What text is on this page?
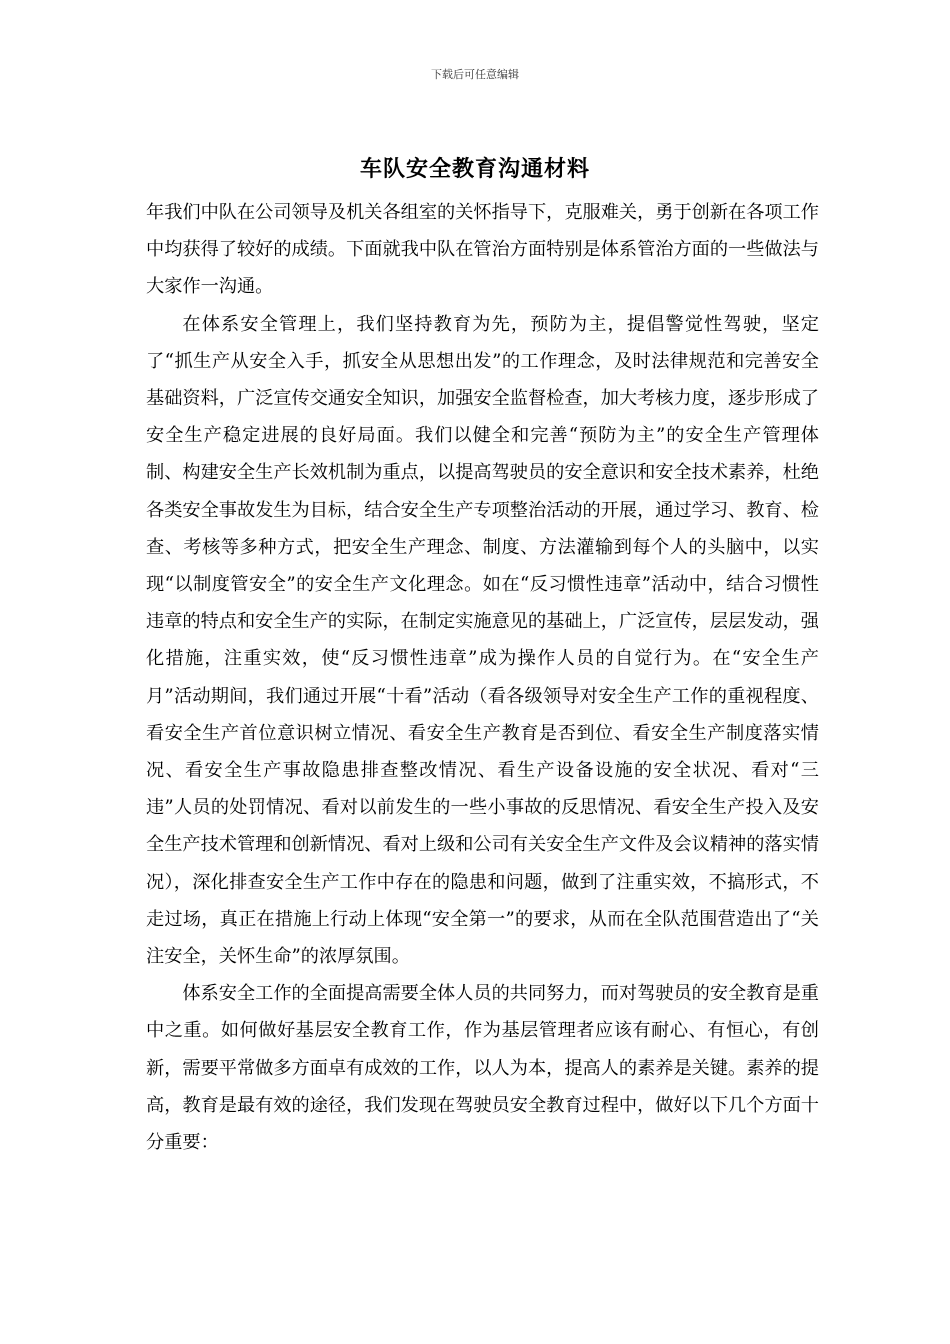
下载后可任意编辑
车队安全教育沟通材料

年我们中队在公司领导及机关各组室的关怀指导下，克服难关，勇于创新在各项工作中均获得了较好的成绩。下面就我中队在管治方面特别是体系管治方面的一些做法与大家作一沟通。

在体系安全管理上，我们坚持教育为先，预防为主，提倡警觉性驾驶，坚定了“抓生产从安全入手，抓安全从思想出发”的工作理念，及时法律规范和完善安全基础资料，广泛宣传交通安全知识，加强安全监督检查，加大考核力度，逐步形成了安全生产稳定进展的良好局面。我们以健全和完善“预防为主”的安全生产管理体制、构建安全生产长效机制为重点，以提高驾驶员的安全意识和安全技术素养，杜绝各类安全事故发生为目标，结合安全生产专项整治活动的开展，通过学习、教育、检查、考核等多种方式，把安全生产理念、制度、方法灌输到每个人的头脑中，以实现“以制度管安全”的安全生产文化理念。如在“反习惯性违章”活动中，结合习惯性违章的特点和安全生产的实际，在制定实施意见的基础上，广泛宣传，层层发动，强化措施，注重实效，使“反习惯性违章”成为操作人员的自觉行为。在“安全生产月”活动期间，我们通过开展“十看”活动（看各级领导对安全生产工作的重视程度、看安全生产首位意识树立情况、看安全生产教育是否到位、看安全生产制度落实情况、看安全生产事故隐患排查整改情况、看生产设备设施的安全状况、看对“三违”人员的处罚情况、看对以前发生的一些小事故的反思情况、看安全生产投入及安全生产技术管理和创新情况、看对上级和公司有关安全生产文件及会议精神的落实情况），深化排查安全生产工作中存在的隐患和问题，做到了注重实效，不搞形式，不走过场，真正在措施上行动上体现“安全第一”的要求，从而在全队范围营造出了“关注安全，关怀生命”的浓厚氛围。

体系安全工作的全面提高需要全体人员的共同努力，而对驾驶员的安全教育是重中之重。如何做好基层安全教育工作，作为基层管理者应该有耐心、有恒心，有创新，需要平常做多方面卓有成效的工作，以人为本，提高人的素养是关键。素养的提高，教育是最有效的途径，我们发现在驾驶员安全教育过程中，做好以下几个方面十分重要：
